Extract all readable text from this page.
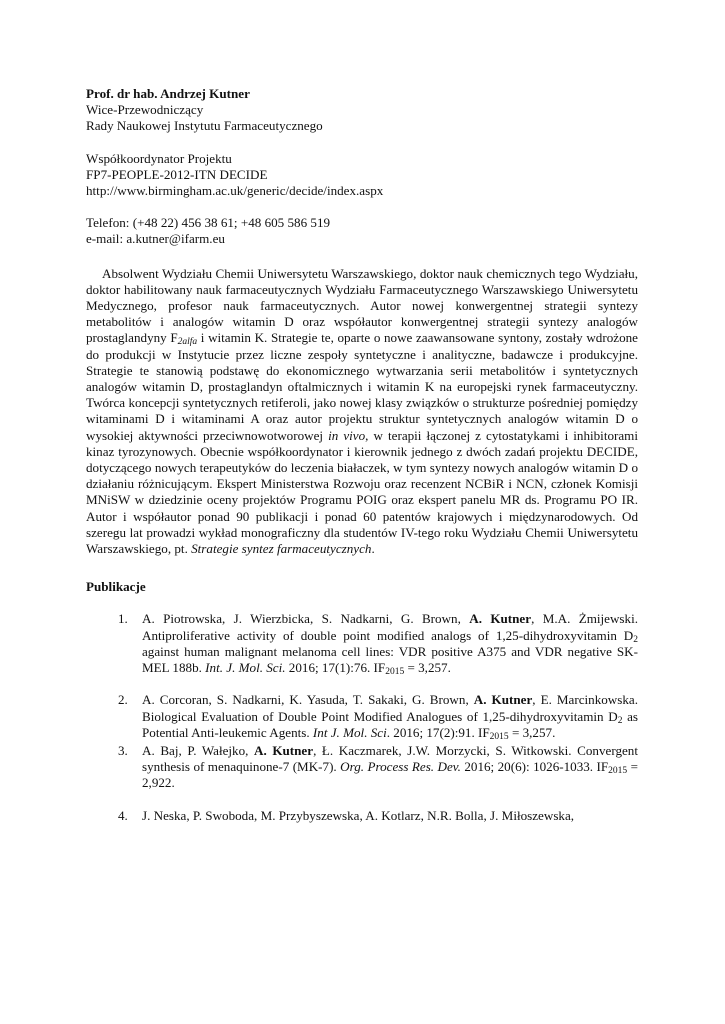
Prof. dr hab. Andrzej Kutner

Wice-Przewodniczący

Rady Naukowej Instytutu Farmaceutycznego

Współkoordynator Projektu

FP7-PEOPLE-2012-ITN DECIDE

http://www.birmingham.ac.uk/generic/decide/index.aspx

Telefon: (+48 22) 456 38 61; +48 605 586 519

e-mail: a.kutner@ifarm.eu

Absolwent Wydziału Chemii Uniwersytetu Warszawskiego, doktor nauk chemicznych tego Wydziału, doktor habilitowany nauk farmaceutycznych Wydziału Farmaceutycznego Warszawskiego Uniwersytetu Medycznego, profesor nauk farmaceutycznych. Autor nowej konwergentnej strategii syntezy metabolitów i analogów witamin D oraz współautor konwergentnej strategii syntezy analogów prostaglandyny $F_{2alfa}$ i witamin K. Strategie te, oparte o nowe zaawansowane syntony, zostały wdrożone do produkcji w Instytucie przez liczne zespoły syntetyczne i analityczne, badawcze i produkcyjne. Strategie te stanowią podstawę do ekonomicznego wytwarzania serii metabolitów i syntetycznych analogów witamin D, prostaglandyn oftalmicznych i witamin K na europejski rynek farmaceutyczny. Twórca koncepcji syntetycznych retiferoli, jako nowej klasy związków o strukturze pośredniej pomiędzy witaminami D i witaminami A oraz autor projektu struktur syntetycznych analogów witamin D o wysokiej aktywności przeciwnowotworowej in vivo, w terapii łączonej z cytostatykami i inhibitorami kinaz tyrozynowych. Obecnie współkoordynator i kierownik jednego z dwóch zadań projektu DECIDE, dotyczącego nowych terapeutyków do leczenia białaczek, w tym syntezy nowych analogów witamin D o działaniu różnicującym. Ekspert Ministerstwa Rozwoju oraz recenzent NCBiR i NCN, członek Komisji MNiSW w dziedzinie oceny projektów Programu POIG oraz ekspert panelu MR ds. Programu PO IR. Autor i współautor ponad 90 publikacji i ponad 60 patentów krajowych i międzynarodowych. Od szeregu lat prowadzi wykład monograficzny dla studentów IV-tego roku Wydziału Chemii Uniwersytetu Warszawskiego, pt. Strategie syntez farmaceutycznych.

Publikacje

1. A. Piotrowska, J. Wierzbicka, S. Nadkarni, G. Brown, A. Kutner, M.A. Żmijewski. Antiproliferative activity of double point modified analogs of 1,25-dihydroxyvitamin $D_2$ against human malignant melanoma cell lines: VDR positive A375 and VDR negative SK-MEL 188b. Int. J. Mol. Sci. 2016; 17(1):76. $IF_{2015} = 3,257$.
2. A. Corcoran, S. Nadkarni, K. Yasuda, T. Sakaki, G. Brown, A. Kutner, E. Marcinkowska. Biological Evaluation of Double Point Modified Analogues of 1,25-dihydroxyvitamin $D_2$ as Potential Anti-leukemic Agents. Int J. Mol. Sci. 2016; 17(2):91. $IF_{2015} = 3,257$.
3. A. Baj, P. Wałejko, A. Kutner, Ł. Kaczmarek, J.W. Morzycki, S. Witkowski. Convergent synthesis of menaquinone-7 (MK-7). Org. Process Res. Dev. 2016; 20(6): 1026-1033. $IF_{2015} = 2,922$.
4. J. Neska, P. Swoboda, M. Przybyszewska, A. Kotlarz, N.R. Bolla, J. Miłoszewska,
